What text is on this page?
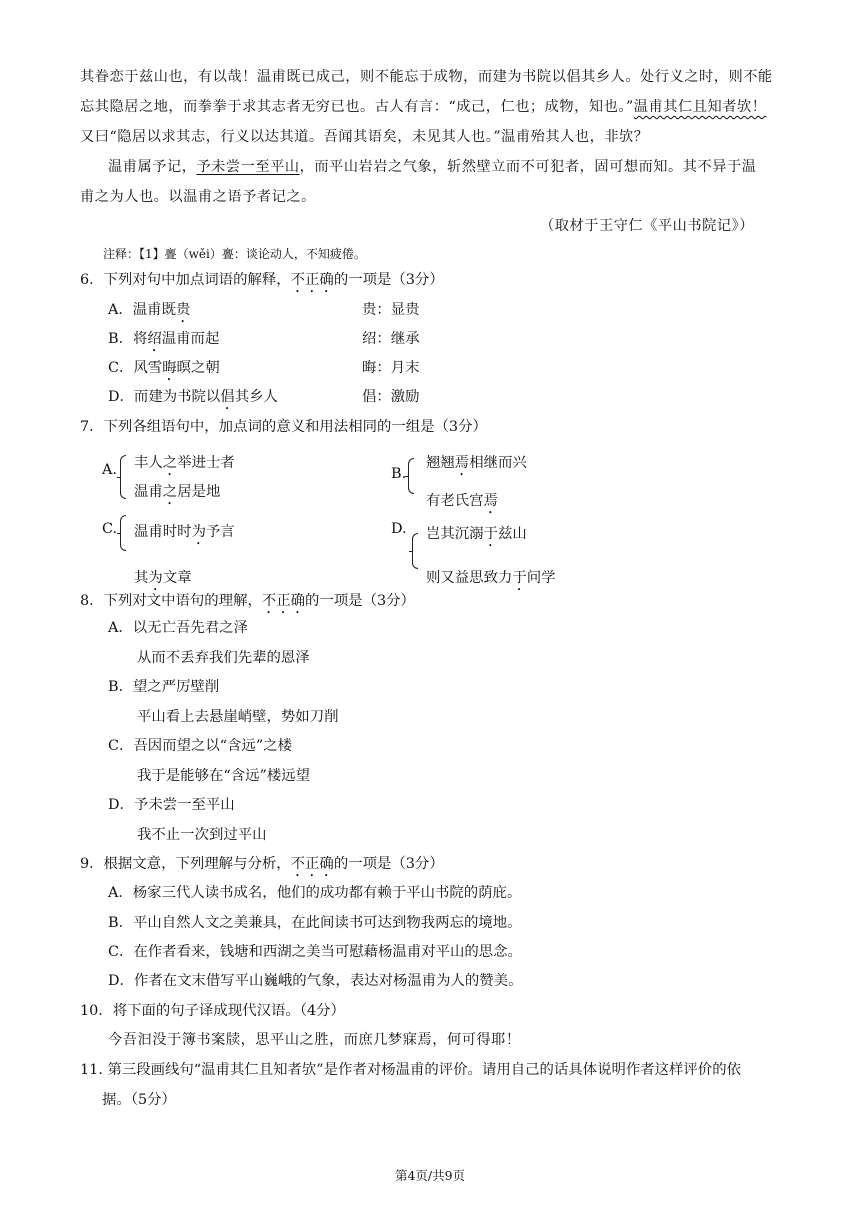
其眷恋于兹山也，有以哉！温甫既已成己，则不能忘于成物，而建为书院以倡其乡人。处行义之时，则不能
忘其隐居之地，而拳拳于求其志者无穷已也。古人有言：“成己，仁也；成物，知也。”温甫其仁且知者欤！
又曰“隐居以求其志，行义以达其道。吾闻其语矣，未见其人也。”温甫殆其人也，非欤？
温甫属予记，予未尝一至平山，而平山岩岩之气象，斩然壁立而不可犯者，固可想而知。其不异于温
甫之为人也。以温甫之语予者记之。
（取材于王守仁《平山书院记》）
注释：【1】亹（wěi）亹：谈论动人，不知疲倦。
6．下列对句中加点词语的解释，不正确的一项是（3分）
A．温甫既贵	贵：显贵
B．将绍温甫而起	绍：继承
C．风雪晦暝之朝	晦：月末
D．而建为书院以倡其乡人	倡：激励
7．下列各组语句中，加点词的意义和用法相同的一组是（3分）
A. 丰人之举进士者
温甫之居是地
B.
翘翘焉相继而兴
有老氏宫焉
C. 温甫时时为予言
其为文章
D. 岂其沉溺于兹山
则又益思致力于问学
8．下列对文中语句的理解，不正确的一项是（3分）
A．以无亡吾先君之泽
从而不丢弃我们先辈的恩泽
B．望之严厉壁削
平山看上去悬崖峭壁，势如刀削
C．吾因而望之以“含远”之楼
我于是能够在“含远”楼远望
D．予未尝一至平山
我不止一次到过平山
9．根据文意，下列理解与分析，不正确的一项是（3分）
A．杨家三代人读书成名，他们的成功都有赖于平山书院的荫庇。
B．平山自然人文之美兼具，在此间读书可达到物我两忘的境地。
C．在作者看来，钱塘和西湖之美当可慰藉杨温甫对平山的思念。
D．作者在文末借写平山巍峨的气象，表达对杨温甫为人的赞美。
10．将下面的句子译成现代汉语。（4分）
今吾汩没于簿书案牍，思平山之胜，而庶几梦寐焉，何可得耶！
11. 第三段画线句“温甫其仁且知者欤”是作者对杨温甫的评价。请用自己的话具体说明作者这样评价的依
据。（5分）
第4页/共9页
